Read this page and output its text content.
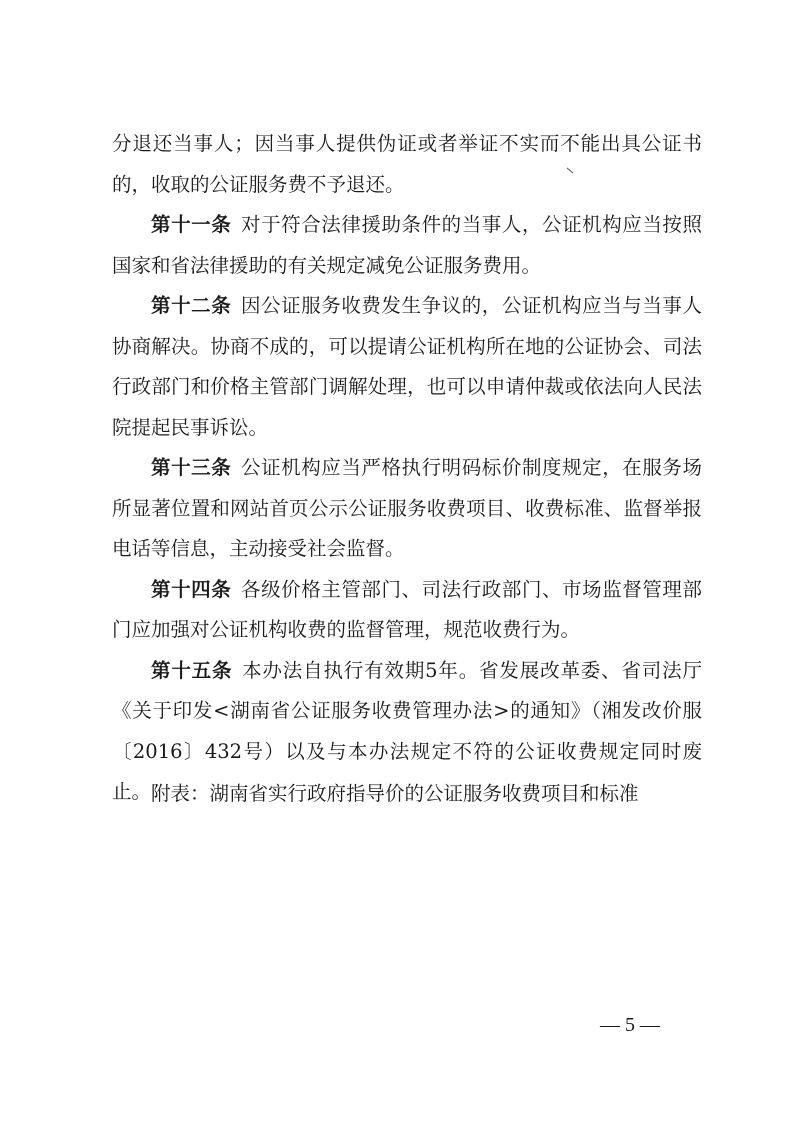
分退还当事人；因当事人提供伪证或者举证不实而不能出具公证书的，收取的公证服务费不予退还。

第十一条 对于符合法律援助条件的当事人，公证机构应当按照国家和省法律援助的有关规定减免公证服务费用。

第十二条 因公证服务收费发生争议的，公证机构应当与当事人协商解决。协商不成的，可以提请公证机构所在地的公证协会、司法行政部门和价格主管部门调解处理，也可以申请仲裁或依法向人民法院提起民事诉讼。

第十三条 公证机构应当严格执行明码标价制度规定，在服务场所显著位置和网站首页公示公证服务收费项目、收费标准、监督举报电话等信息，主动接受社会监督。

第十四条 各级价格主管部门、司法行政部门、市场监督管理部门应加强对公证机构收费的监督管理，规范收费行为。

第十五条 本办法自执行有效期5年。省发展改革委、省司法厅《关于印发<湖南省公证服务收费管理办法>的通知》（湘发改价服〔2016〕432号）以及与本办法规定不符的公证收费规定同时废止。 附表：湖南省实行政府指导价的公证服务收费项目和标准
— 5 —
